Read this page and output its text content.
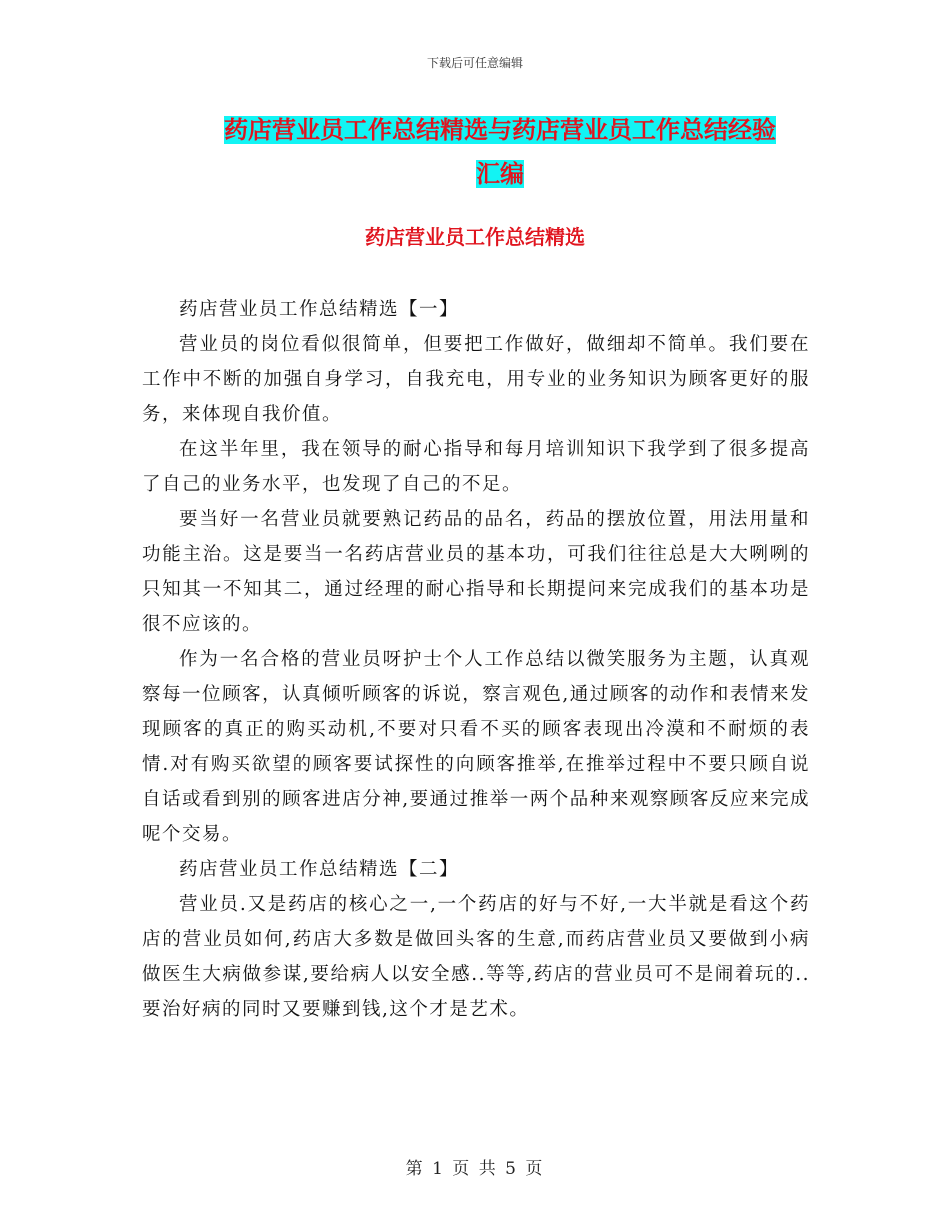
下载后可任意编辑
药店营业员工作总结精选与药店营业员工作总结经验
汇编
药店营业员工作总结精选

药店营业员工作总结精选【一】

营业员的岗位看似很简单，但要把工作做好，做细却不简单。我们要在工作中不断的加强自身学习，自我充电，用专业的业务知识为顾客更好的服务，来体现自我价值。

在这半年里，我在领导的耐心指导和每月培训知识下我学到了很多提高了自己的业务水平，也发现了自己的不足。

要当好一名营业员就要熟记药品的品名，药品的摆放位置，用法用量和功能主治。这是要当一名药店营业员的基本功，可我们往往总是大大咧咧的只知其一不知其二，通过经理的耐心指导和长期提问来完成我们的基本功是很不应该的。

作为一名合格的营业员呀护士个人工作总结以微笑服务为主题，认真观察每一位顾客，认真倾听顾客的诉说，察言观色,通过顾客的动作和表情来发现顾客的真正的购买动机,不要对只看不买的顾客表现出冷漠和不耐烦的表情.对有购买欲望的顾客要试探性的向顾客推举,在推举过程中不要只顾自说自话或看到别的顾客进店分神,要通过推举一两个品种来观察顾客反应来完成呢个交易。

药店营业员工作总结精选【二】

营业员.又是药店的核心之一,一个药店的好与不好,一大半就是看这个药店的营业员如何,药店大多数是做回头客的生意,而药店营业员又要做到小病做医生大病做参谋,要给病人以安全感..等等,药店的营业员可不是闹着玩的..要治好病的同时又要赚到钱,这个才是艺术。

第 1 页 共 5 页
